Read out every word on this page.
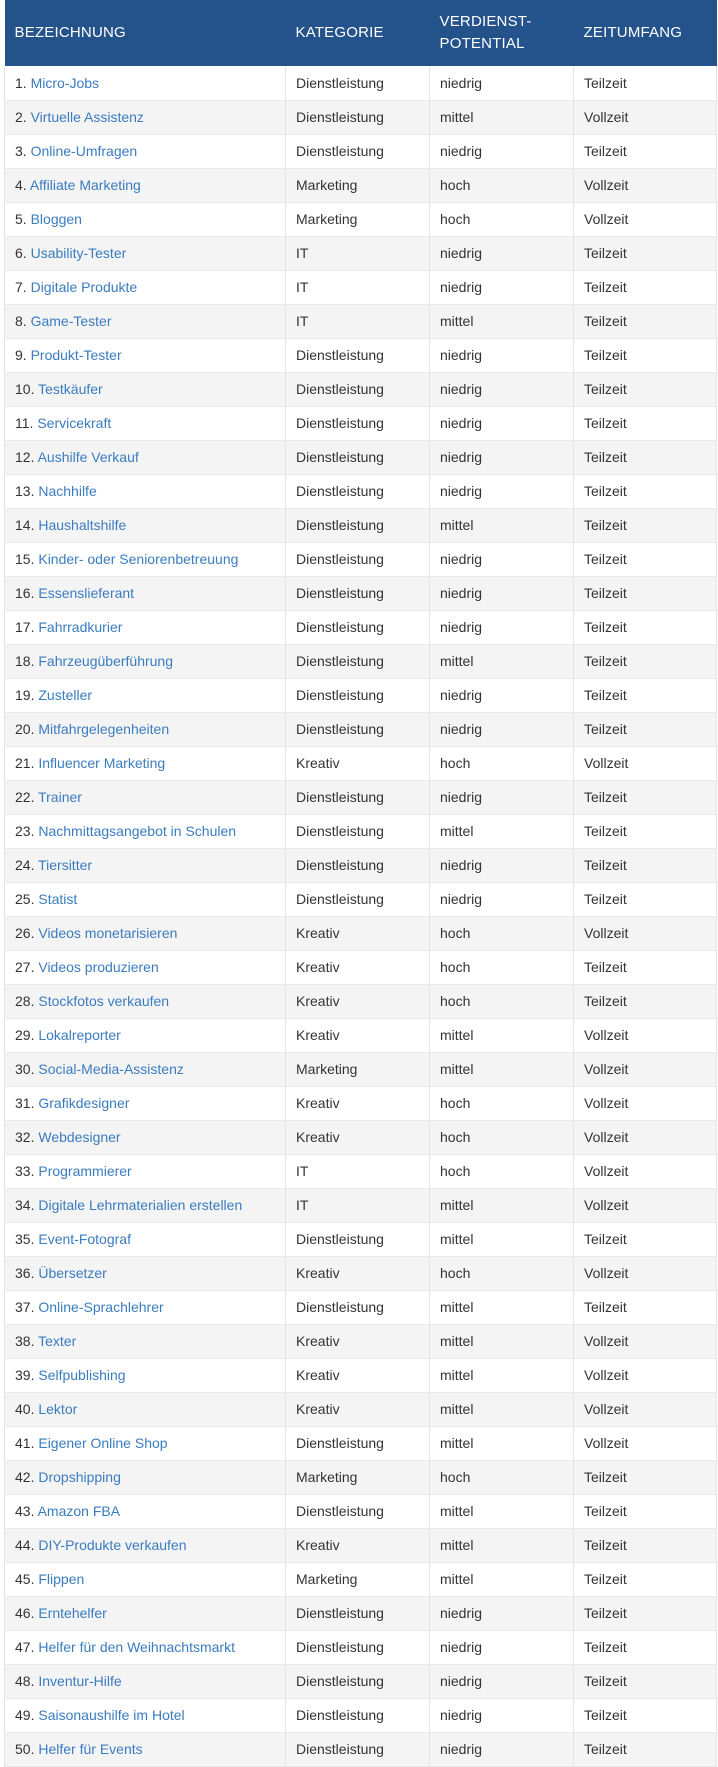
BEZEICHNUNG	KATEGORIE	VERDIENST-POTENTIAL	ZEITUMFANG
1. Micro-Jobs	Dienstleistung	niedrig	Teilzeit
2. Virtuelle Assistenz	Dienstleistung	mittel	Vollzeit
3. Online-Umfragen	Dienstleistung	niedrig	Teilzeit
4. Affiliate Marketing	Marketing	hoch	Vollzeit
5. Bloggen	Marketing	hoch	Vollzeit
6. Usability-Tester	IT	niedrig	Teilzeit
7. Digitale Produkte	IT	niedrig	Teilzeit
8. Game-Tester	IT	mittel	Teilzeit
9. Produkt-Tester	Dienstleistung	niedrig	Teilzeit
10. Testkäufer	Dienstleistung	niedrig	Teilzeit
11. Servicekraft	Dienstleistung	niedrig	Teilzeit
12. Aushilfe Verkauf	Dienstleistung	niedrig	Teilzeit
13. Nachhilfe	Dienstleistung	niedrig	Teilzeit
14. Haushaltshilfe	Dienstleistung	mittel	Teilzeit
15. Kinder- oder Seniorenbetreuung	Dienstleistung	niedrig	Teilzeit
16. Essenslieferant	Dienstleistung	niedrig	Teilzeit
17. Fahrradkurier	Dienstleistung	niedrig	Teilzeit
18. Fahrzeugüberführung	Dienstleistung	mittel	Teilzeit
19. Zusteller	Dienstleistung	niedrig	Teilzeit
20. Mitfahrgelegenheiten	Dienstleistung	niedrig	Teilzeit
21. Influencer Marketing	Kreativ	hoch	Vollzeit
22. Trainer	Dienstleistung	niedrig	Teilzeit
23. Nachmittagsangebot in Schulen	Dienstleistung	mittel	Teilzeit
24. Tiersitter	Dienstleistung	niedrig	Teilzeit
25. Statist	Dienstleistung	niedrig	Teilzeit
26. Videos monetarisieren	Kreativ	hoch	Vollzeit
27. Videos produzieren	Kreativ	hoch	Teilzeit
28. Stockfotos verkaufen	Kreativ	hoch	Teilzeit
29. Lokalreporter	Kreativ	mittel	Vollzeit
30. Social-Media-Assistenz	Marketing	mittel	Vollzeit
31. Grafikdesigner	Kreativ	hoch	Vollzeit
32. Webdesigner	Kreativ	hoch	Vollzeit
33. Programmierer	IT	hoch	Vollzeit
34. Digitale Lehrmaterialien erstellen	IT	mittel	Vollzeit
35. Event-Fotograf	Dienstleistung	mittel	Teilzeit
36. Übersetzer	Kreativ	hoch	Vollzeit
37. Online-Sprachlehrer	Dienstleistung	mittel	Teilzeit
38. Texter	Kreativ	mittel	Vollzeit
39. Selfpublishing	Kreativ	mittel	Vollzeit
40. Lektor	Kreativ	mittel	Vollzeit
41. Eigener Online Shop	Dienstleistung	mittel	Vollzeit
42. Dropshipping	Marketing	hoch	Teilzeit
43. Amazon FBA	Dienstleistung	mittel	Teilzeit
44. DIY-Produkte verkaufen	Kreativ	mittel	Teilzeit
45. Flippen	Marketing	mittel	Teilzeit
46. Erntehelfer	Dienstleistung	niedrig	Teilzeit
47. Helfer für den Weihnachtsmarkt	Dienstleistung	niedrig	Teilzeit
48. Inventur-Hilfe	Dienstleistung	niedrig	Teilzeit
49. Saisonaushilfe im Hotel	Dienstleistung	niedrig	Teilzeit
50. Helfer für Events	Dienstleistung	niedrig	Teilzeit
